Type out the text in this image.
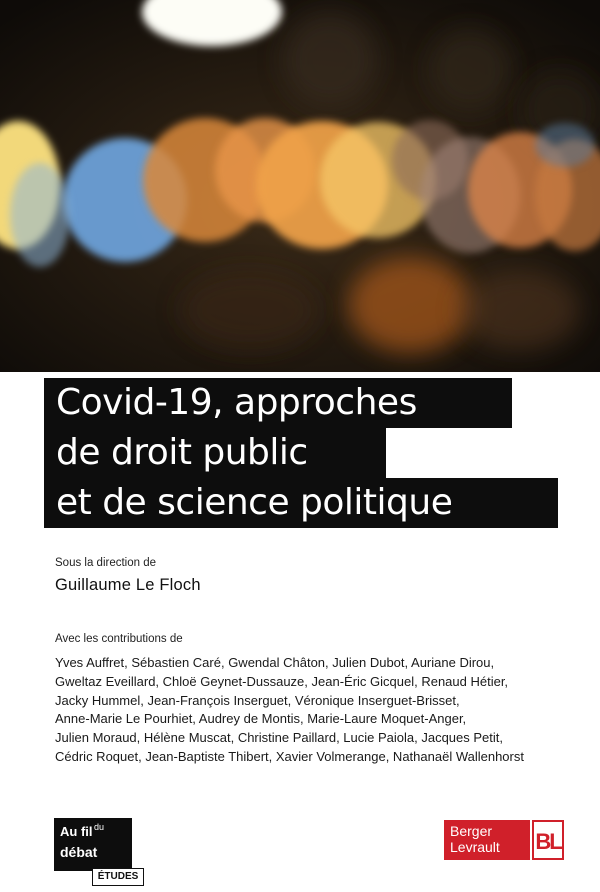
Covid-19, approches
de droit public
et de science politique
Sous la direction de
Guillaume Le Floch
Avec les contributions de
Yves Auffret, Sébastien Caré, Gwendal Châton, Julien Dubot, Auriane Dirou,
Gweltaz Eveillard, Chloë Geynet-Dussauze, Jean-Éric Gicquel, Renaud Hétier,
Jacky Hummel, Jean-François Inserguet, Véronique Inserguet-Brisset,
Anne-Marie Le Pourhiet, Audrey de Montis, Marie-Laure Moquet-Anger,
Julien Moraud, Hélène Muscat, Christine Paillard, Lucie Paiola, Jacques Petit,
Cédric Roquet, Jean-Baptiste Thibert, Xavier Volmerange, Nathanaël Wallenhorst
Au fil du
débat
ÉTUDES
Berger
Levrault	BL
